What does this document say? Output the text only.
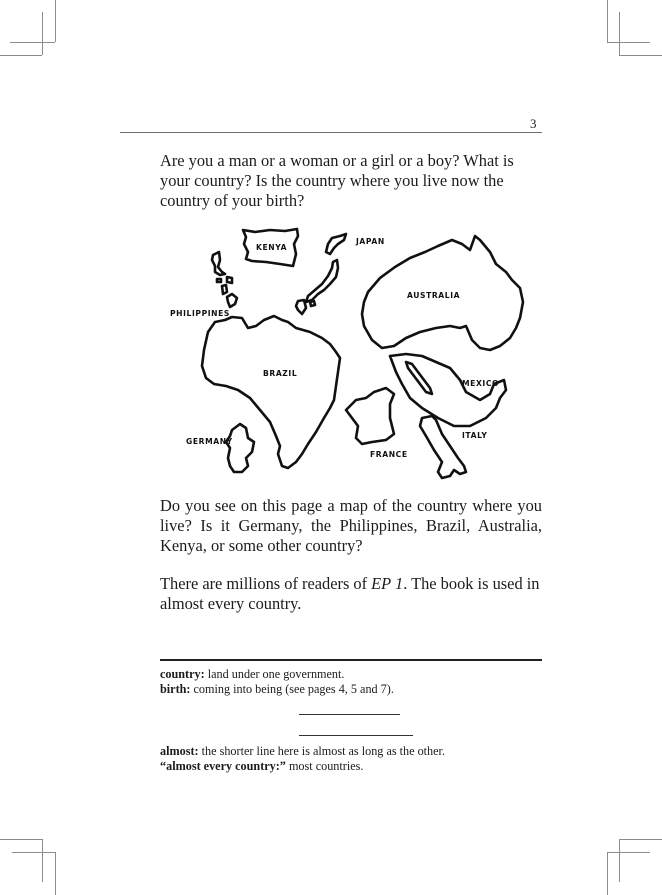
3

Are you a man or a woman or a girl or a boy? What is your country? Is the country where you live now the country of your birth?

KENYA
JAPAN
PHILIPPINES
AUSTRALIA
BRAZIL
MEXICO
GERMANY
ITALY
FRANCE

Do you see on this page a map of the country where you live? Is it Germany, the Philippines, Brazil, Australia, Kenya, or some other country?

There are millions of readers of EP 1. The book is used in almost every country.

country: land under one government.

birth: coming into being (see pages 4, 5 and 7).

almost: the shorter line here is almost as long as the other.

“almost every country:” most countries.
